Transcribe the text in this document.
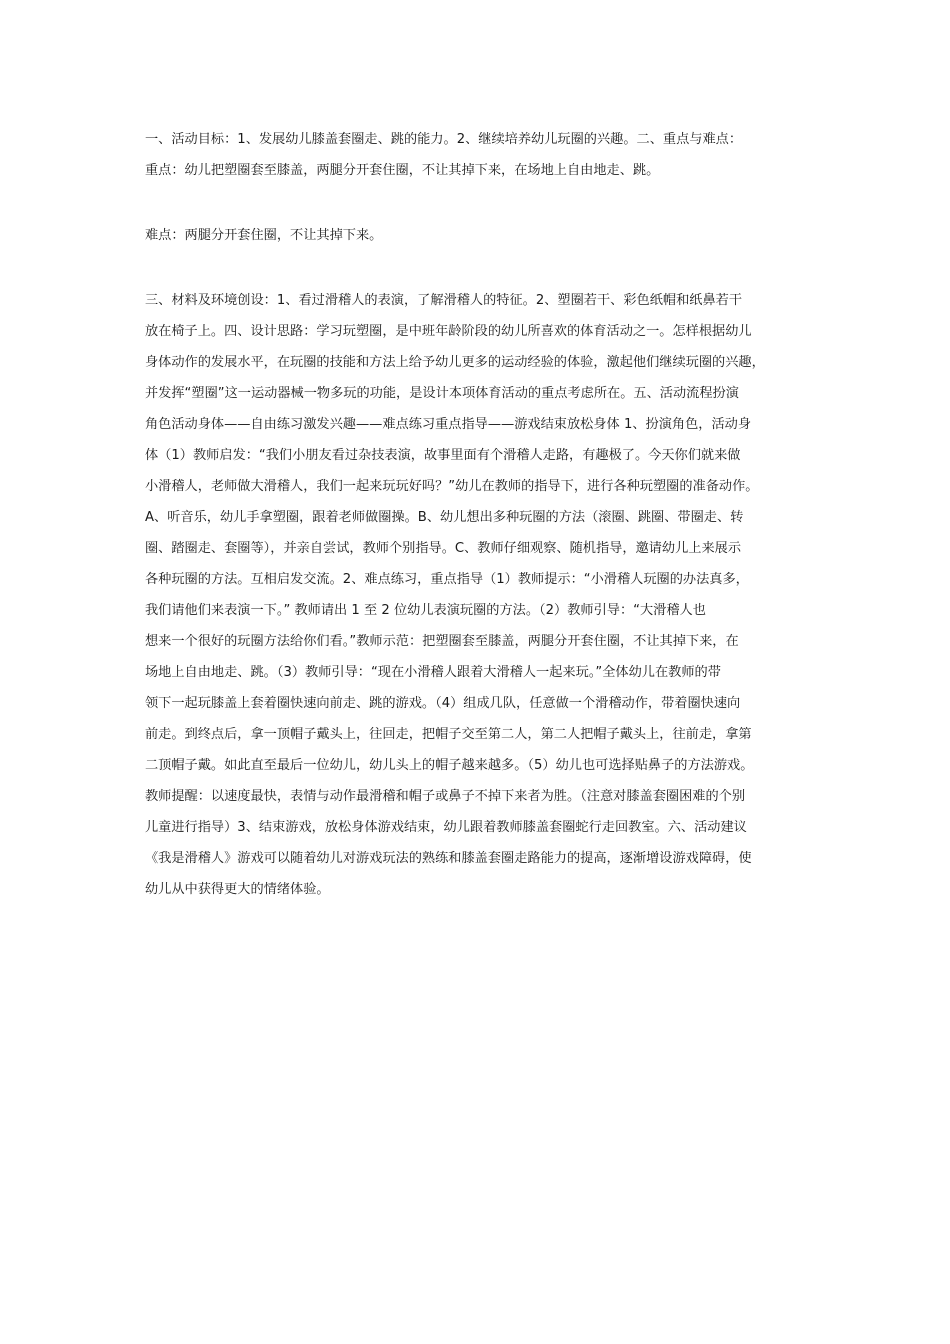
一、活动目标：1、发展幼儿膝盖套圈走、跳的能力。2、继续培养幼儿玩圈的兴趣。二、重点与难点：
重点：幼儿把塑圈套至膝盖，两腿分开套住圈，不让其掉下来，在场地上自由地走、跳。
难点：两腿分开套住圈，不让其掉下来。
三、材料及环境创设：1、看过滑稽人的表演，了解滑稽人的特征。2、塑圈若干、彩色纸帽和纸鼻若干
放在椅子上。四、设计思路：学习玩塑圈，是中班年龄阶段的幼儿所喜欢的体育活动之一。怎样根据幼儿
身体动作的发展水平，在玩圈的技能和方法上给予幼儿更多的运动经验的体验，激起他们继续玩圈的兴趣，
并发挥“塑圈”这一运动器械一物多玩的功能，是设计本项体育活动的重点考虑所在。五、活动流程扮演
角色活动身体——自由练习激发兴趣——难点练习重点指导——游戏结束放松身体 1、扮演角色，活动身
体（1）教师启发：“我们小朋友看过杂技表演，故事里面有个滑稽人走路，有趣极了。今天你们就来做
小滑稽人，老师做大滑稽人，我们一起来玩玩好吗？”幼儿在教师的指导下，进行各种玩塑圈的准备动作。
A、听音乐，幼儿手拿塑圈，跟着老师做圈操。B、幼儿想出多种玩圈的方法（滚圈、跳圈、带圈走、转
圈、踏圈走、套圈等），并亲自尝试，教师个别指导。C、教师仔细观察、随机指导，邀请幼儿上来展示
各种玩圈的方法。互相启发交流。2、难点练习，重点指导（1）教师提示：“小滑稽人玩圈的办法真多，
我们请他们来表演一下。” 教师请出 1 至 2 位幼儿表演玩圈的方法。（2）教师引导：“大滑稽人也
想来一个很好的玩圈方法给你们看。”教师示范：把塑圈套至膝盖，两腿分开套住圈，不让其掉下来，在
场地上自由地走、跳。（3）教师引导：“现在小滑稽人跟着大滑稽人一起来玩。”全体幼儿在教师的带
领下一起玩膝盖上套着圈快速向前走、跳的游戏。（4）组成几队，任意做一个滑稽动作，带着圈快速向
前走。到终点后，拿一顶帽子戴头上，往回走，把帽子交至第二人，第二人把帽子戴头上，往前走，拿第
二顶帽子戴。如此直至最后一位幼儿，幼儿头上的帽子越来越多。（5）幼儿也可选择贴鼻子的方法游戏。
教师提醒：以速度最快，表情与动作最滑稽和帽子或鼻子不掉下来者为胜。（注意对膝盖套圈困难的个别
儿童进行指导）3、结束游戏，放松身体游戏结束，幼儿跟着教师膝盖套圈蛇行走回教室。六、活动建议
《我是滑稽人》游戏可以随着幼儿对游戏玩法的熟练和膝盖套圈走路能力的提高，逐渐增设游戏障碍，使
幼儿从中获得更大的情绪体验。
